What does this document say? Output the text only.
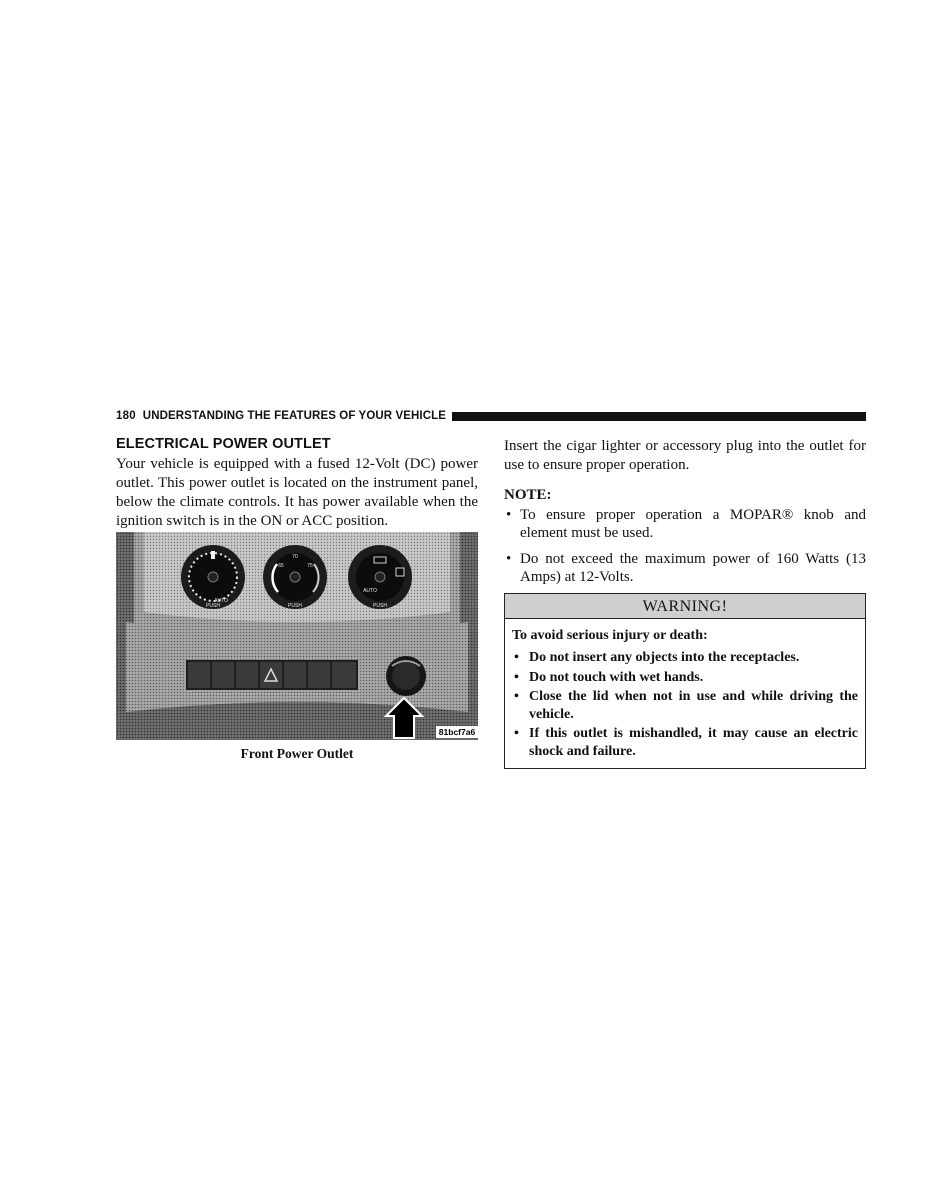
180 UNDERSTANDING THE FEATURES OF YOUR VEHICLE
ELECTRICAL POWER OUTLET

Your vehicle is equipped with a fused 12-Volt (DC) power outlet. This power outlet is located on the instrument panel, below the climate controls. It has power available when the ignition switch is in the ON or ACC position.

AUTO
PUSH
65
70
75
PUSH
AUTO
PUSH
81bcf7a6
Front Power Outlet

Insert the cigar lighter or accessory plug into the outlet for use to ensure proper operation.

NOTE:
• To ensure proper operation a MOPAR® knob and element must be used.
• Do not exceed the maximum power of 160 Watts (13 Amps) at 12-Volts.
WARNING!

To avoid serious injury or death:

• Do not insert any objects into the receptacles.
• Do not touch with wet hands.
• Close the lid when not in use and while driving the vehicle.
• If this outlet is mishandled, it may cause an electric shock and failure.
